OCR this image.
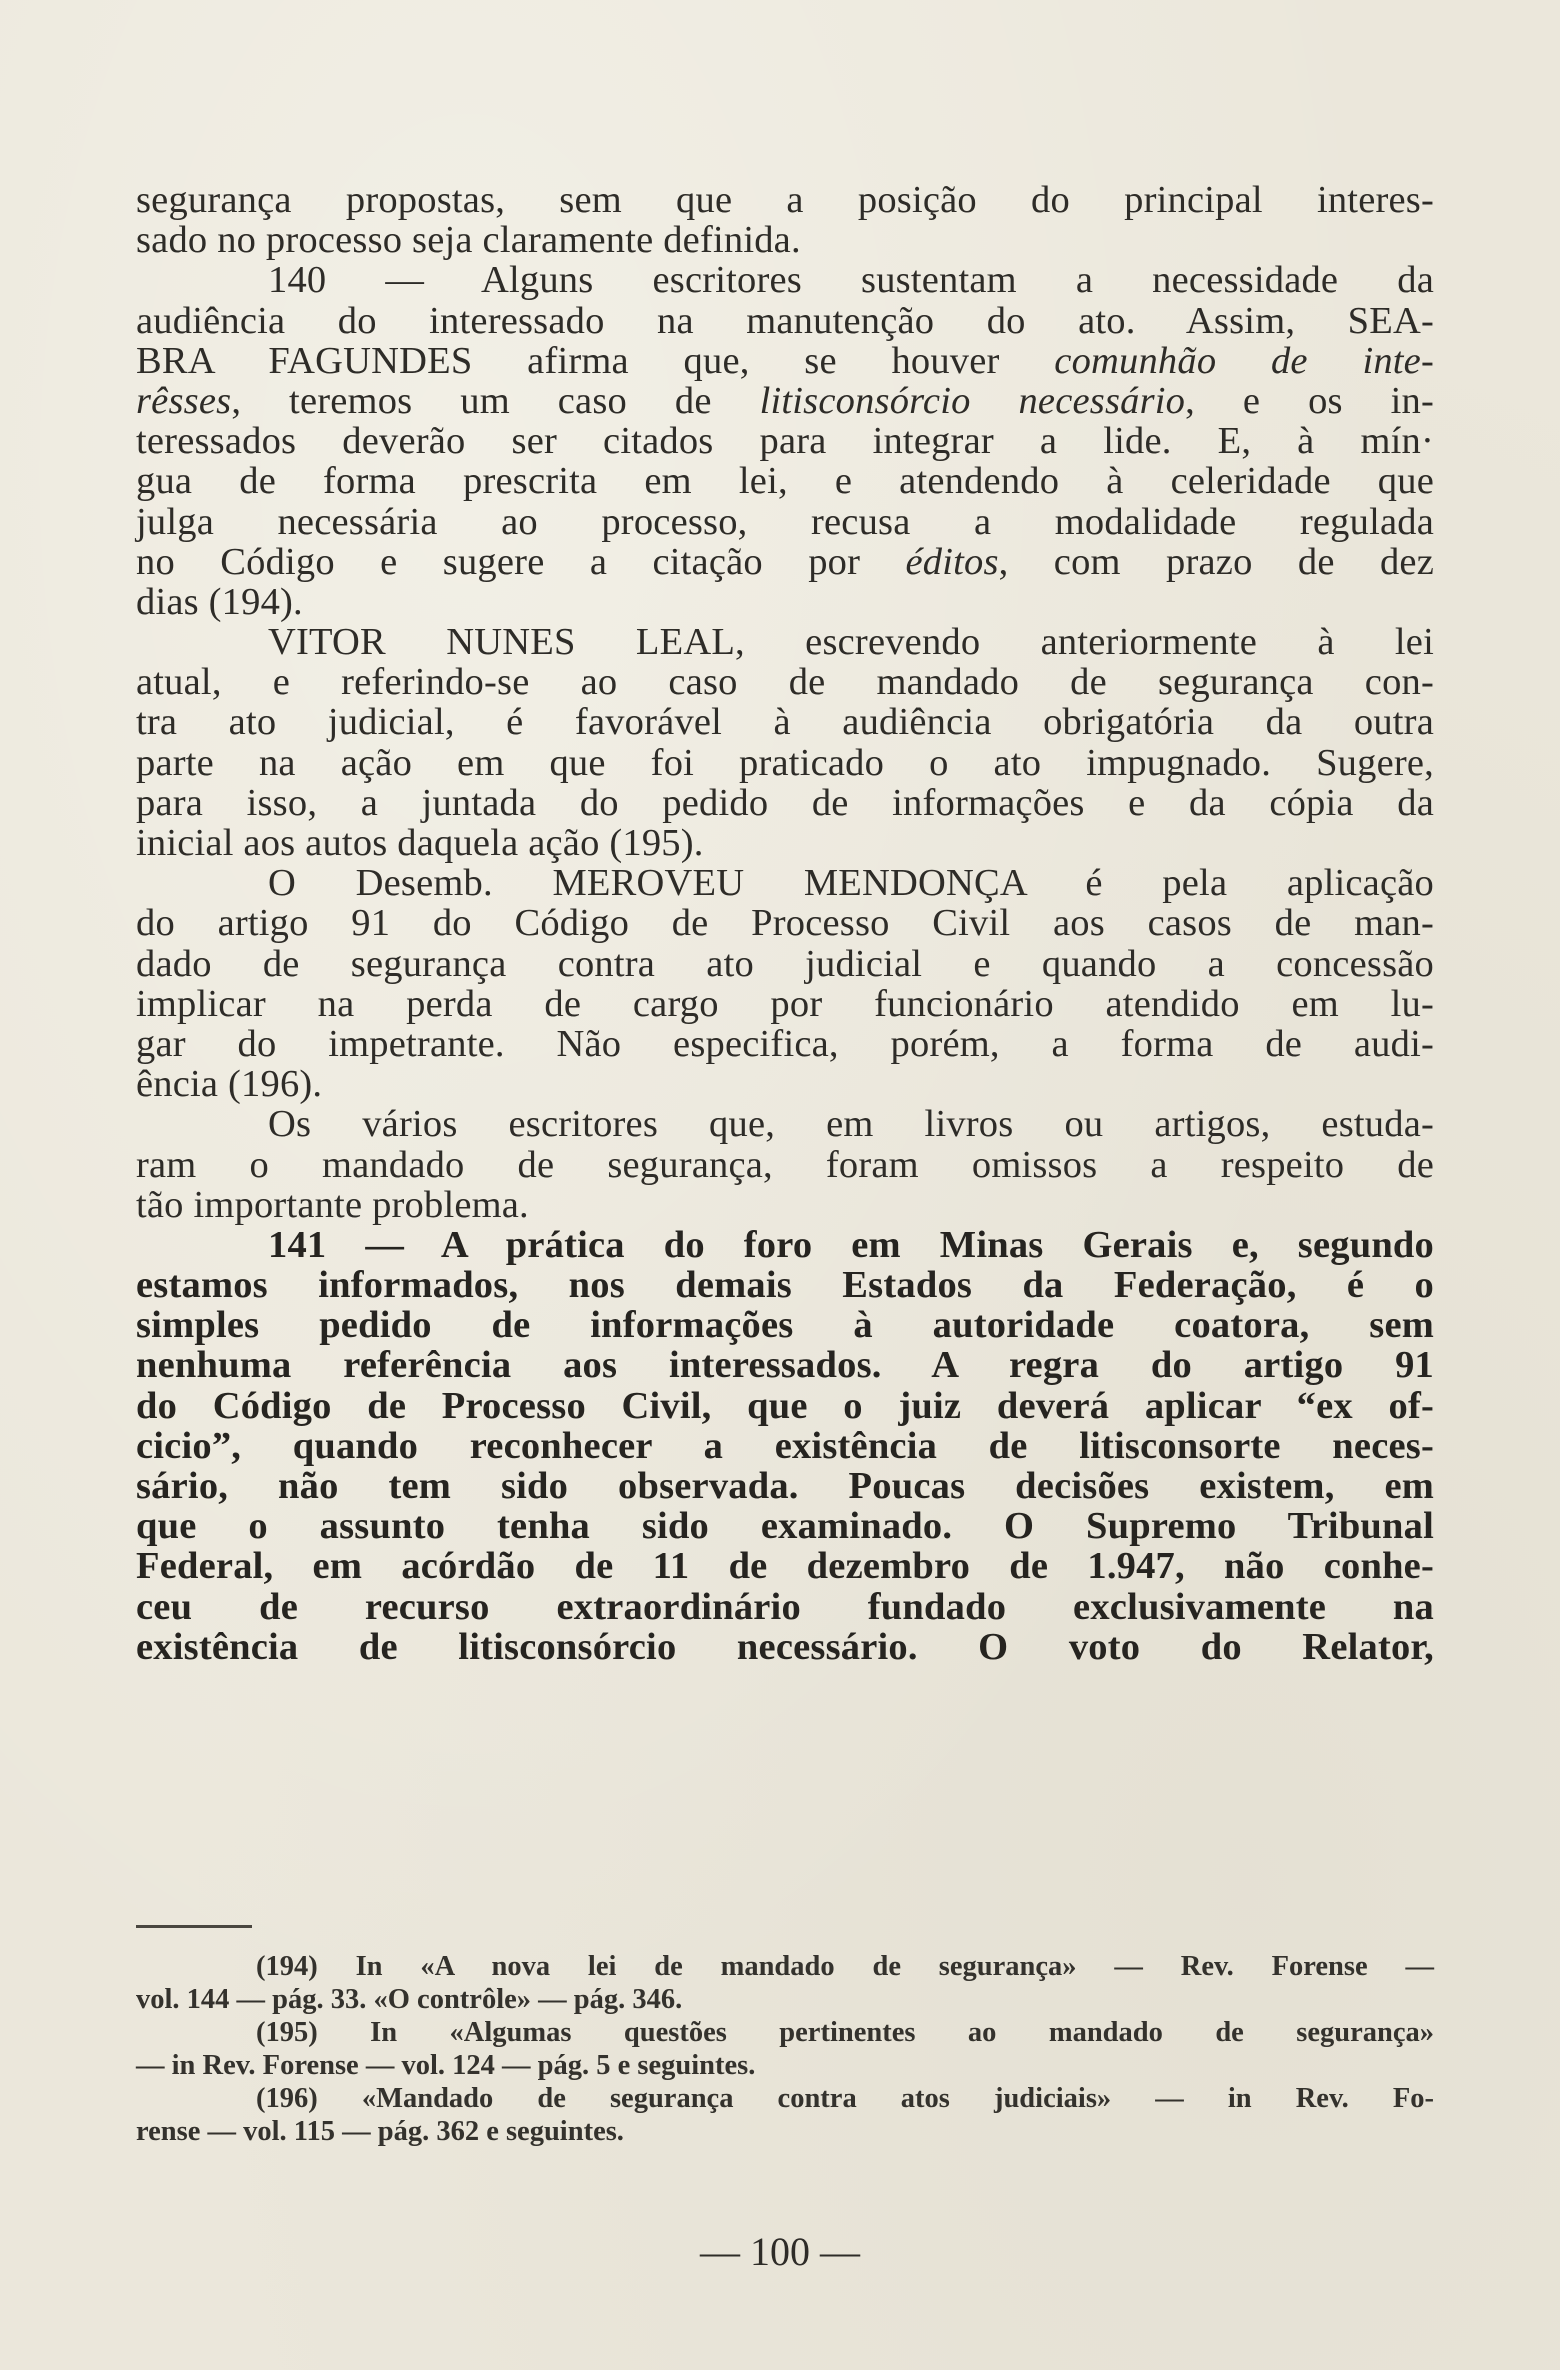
segurança propostas, sem que a posição do principal interes-
sado no processo seja claramente definida.
140 — Alguns escritores sustentam a necessidade da
audiência do interessado na manutenção do ato. Assim, SEA-
BRA FAGUNDES afirma que, se houver comunhão de inte-
rêsses, teremos um caso de litisconsórcio necessário, e os in-
teressados deverão ser citados para integrar a lide. E, à mín·
gua de forma prescrita em lei, e atendendo à celeridade que
julga necessária ao processo, recusa a modalidade regulada
no Código e sugere a citação por éditos, com prazo de dez
dias (194).
VITOR NUNES LEAL, escrevendo anteriormente à lei
atual, e referindo-se ao caso de mandado de segurança con-
tra ato judicial, é favorável à audiência obrigatória da outra
parte na ação em que foi praticado o ato impugnado. Sugere,
para isso, a juntada do pedido de informações e da cópia da
inicial aos autos daquela ação (195).
O Desemb. MEROVEU MENDONÇA é pela aplicação
do artigo 91 do Código de Processo Civil aos casos de man-
dado de segurança contra ato judicial e quando a concessão
implicar na perda de cargo por funcionário atendido em lu-
gar do impetrante. Não especifica, porém, a forma de audi-
ência (196).
Os vários escritores que, em livros ou artigos, estuda-
ram o mandado de segurança, foram omissos a respeito de
tão importante problema.
141 — A prática do foro em Minas Gerais e, segundo
estamos informados, nos demais Estados da Federação, é o
simples pedido de informações à autoridade coatora, sem
nenhuma referência aos interessados. A regra do artigo 91
do Código de Processo Civil, que o juiz deverá aplicar “ex of-
cicio”, quando reconhecer a existência de litisconsorte neces-
sário, não tem sido observada. Poucas decisões existem, em
que o assunto tenha sido examinado. O Supremo Tribunal
Federal, em acórdão de 11 de dezembro de 1.947, não conhe-
ceu de recurso extraordinário fundado exclusivamente na
existência de litisconsórcio necessário. O voto do Relator,
(194) In «A nova lei de mandado de segurança» — Rev. Forense —
vol. 144 — pág. 33. «O contrôle» — pág. 346.
(195) In «Algumas questões pertinentes ao mandado de segurança»
— in Rev. Forense — vol. 124 — pág. 5 e seguintes.
(196) «Mandado de segurança contra atos judiciais» — in Rev. Fo-
rense — vol. 115 — pág. 362 e seguintes.
— 100 —
